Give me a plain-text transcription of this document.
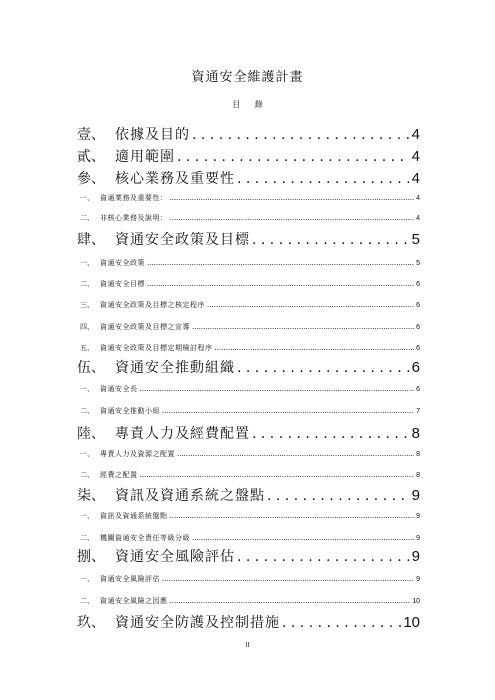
資通安全維護計畫
目 錄
壹、 依據及目的 . . .	4
貳、 適用範圍 . . .	4
參、 核心業務及重要性 . . .	4
一、 資通業務及重要性： .....	4
二、 非核心業務及說明： .....	4
肆、 資通安全政策及目標 . . .	5
一、 資通安全政策 .....	5
二、 資通安全目標 .....	6
三、 資通安全政策及目標之核定程序 .....	6
四、 資通安全政策及目標之宣導 .....	6
五、 資通安全政策及目標定期檢討程序 .....	6
伍、 資通安全推動組織 . . .	6
一、 資通安全長 .....	6
二、 資通安全推動小組 .....	7
陸、 專責人力及經費配置 . . .	8
一、 專責人力及資源之配置 .....	8
二、 經費之配置 .....	8
柒、 資訊及資通系統之盤點 . . .	9
一、 資訊及資通系統盤點 .....	9
二、 機關資通安全責任等級分級 .....	9
捌、 資通安全風險評估 . . .	9
一、 資通安全風險評估 .....	9
二、 資通安全風險之因應 .....	10
玖、 資通安全防護及控制措施 . . .	10
II
